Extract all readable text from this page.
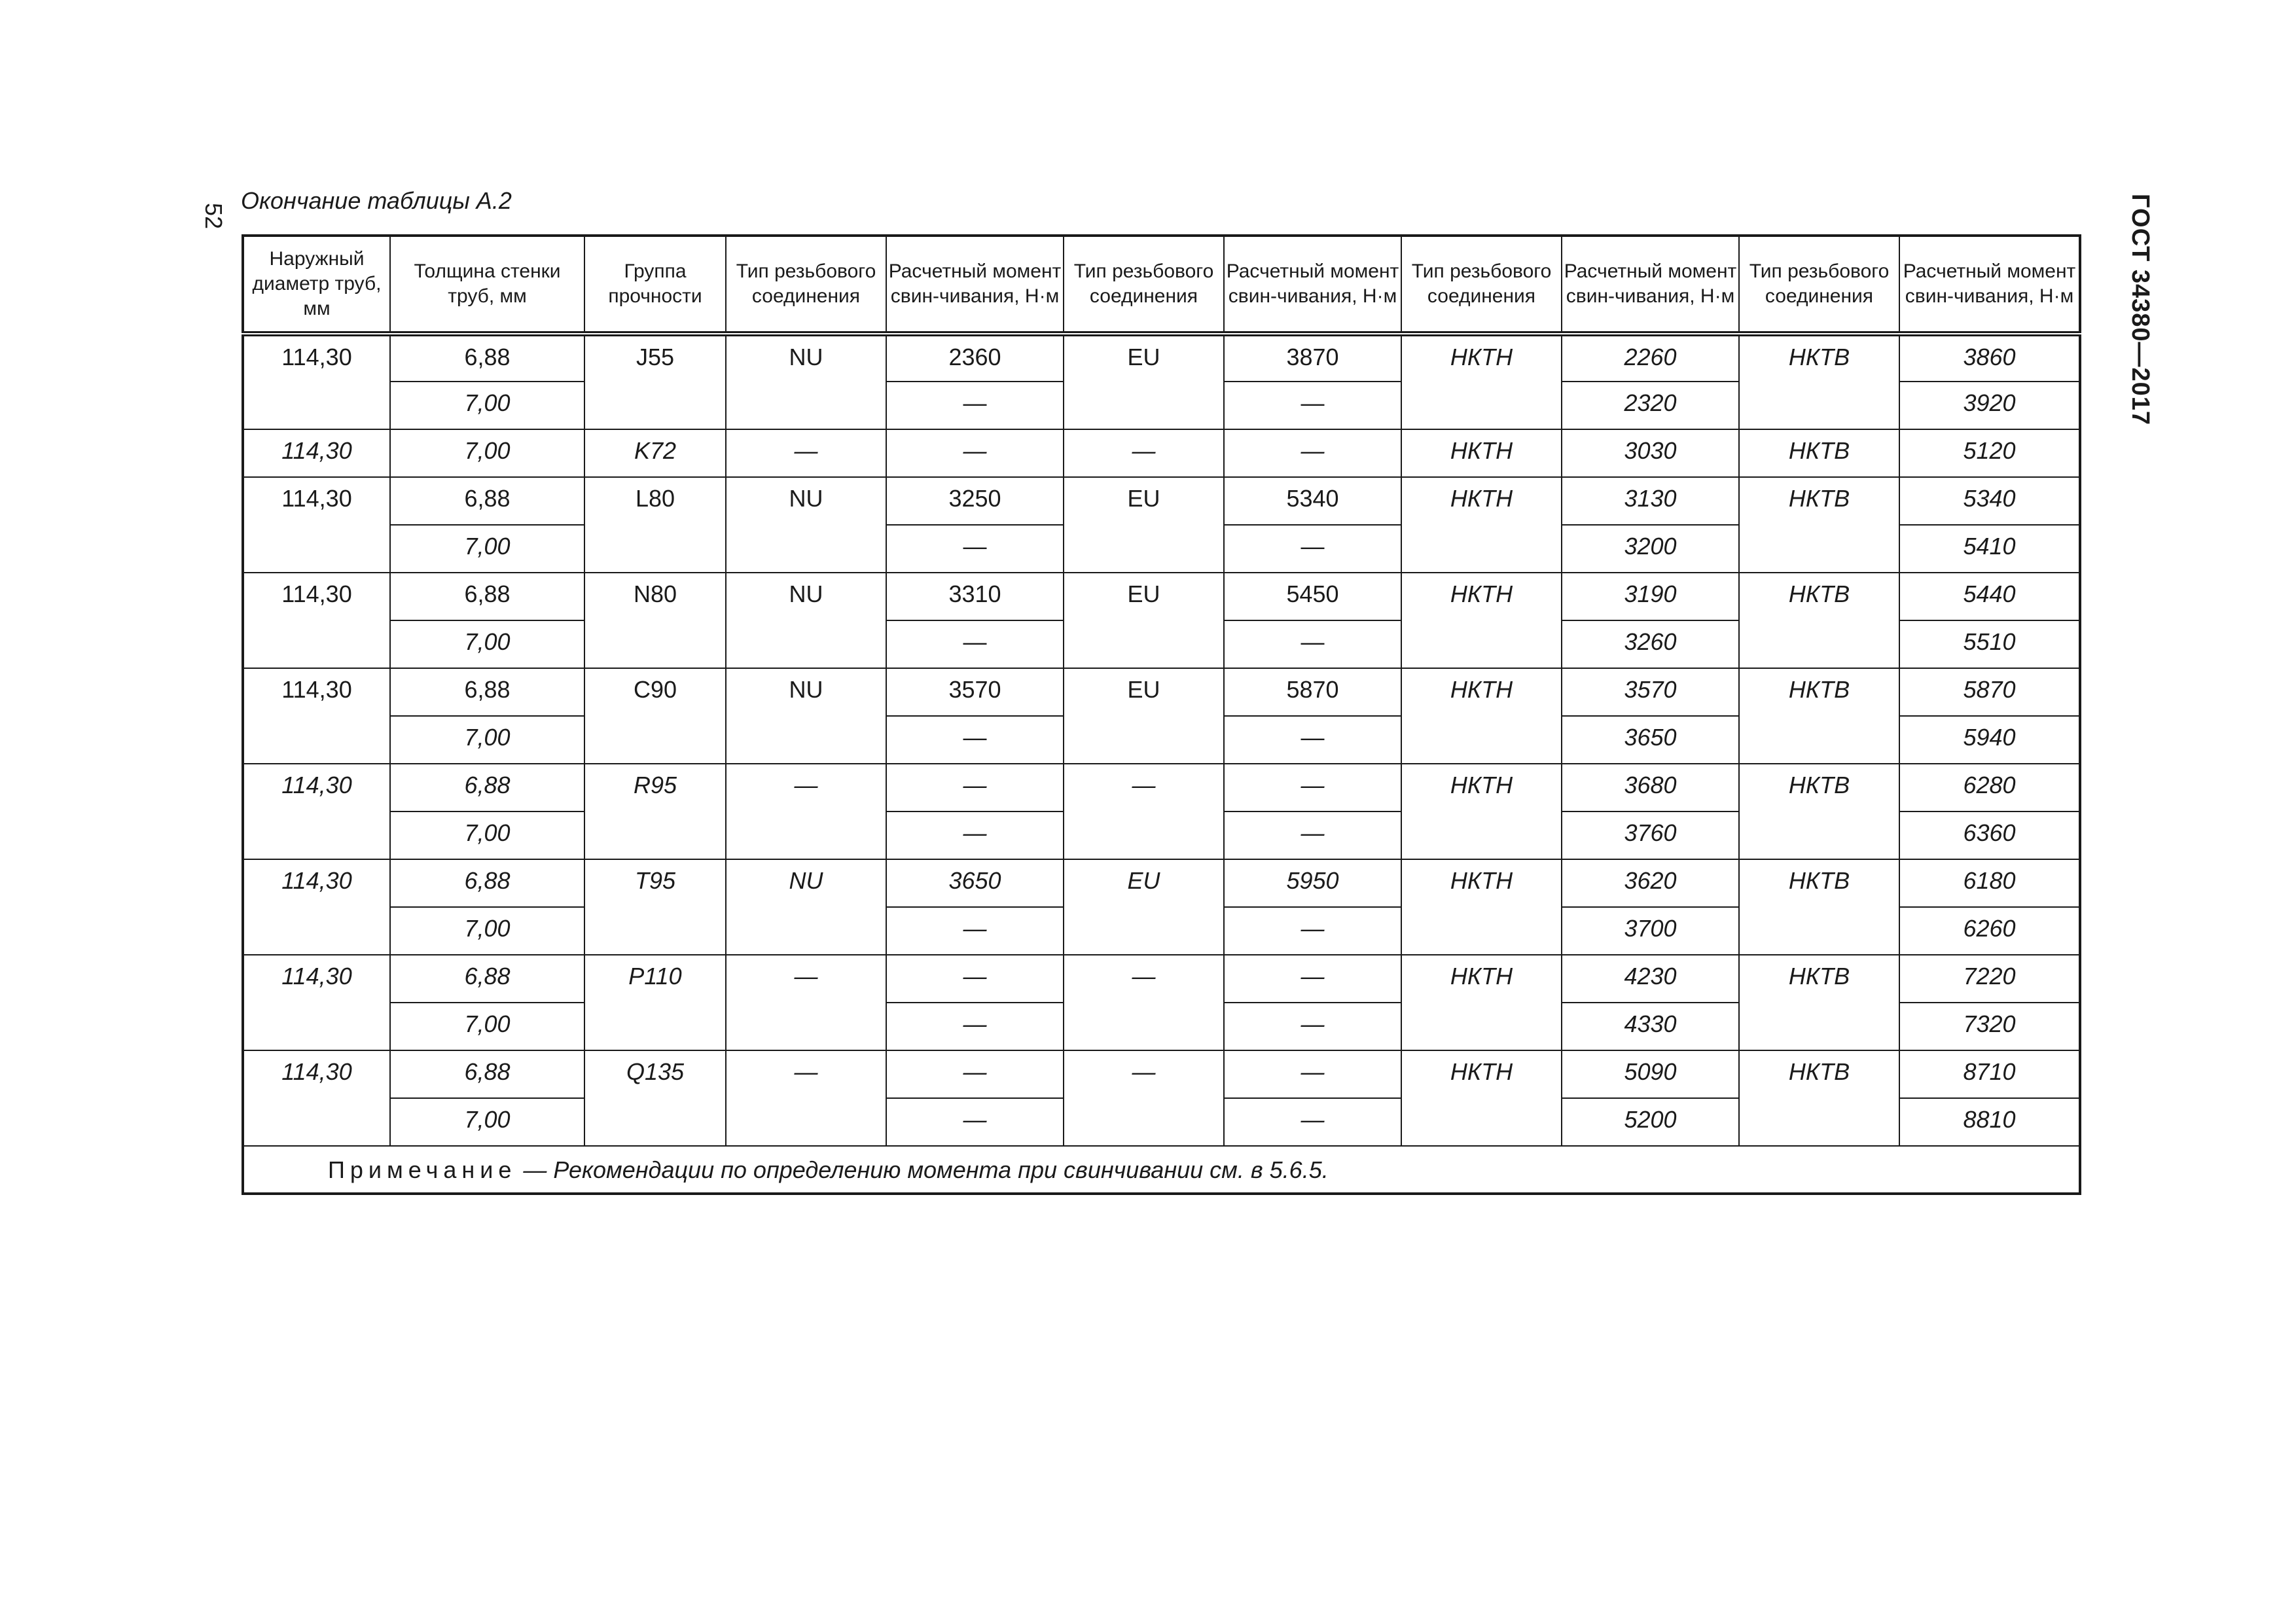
52	ГОСТ 34380—2017
Окончание таблицы А.2
Наружный диаметр труб, мм	Толщина стенки труб, мм	Группа прочности	Тип резьбового соединения	Расчетный момент свин-чивания, Н·м	Тип резьбового соединения	Расчетный момент свин-чивания, Н·м	Тип резьбового соединения	Расчетный момент свин-чивания, Н·м	Тип резьбового соединения	Расчетный момент свин-чивания, Н·м
114,30	6,88	J55	NU	2360	EU	3870	НКТН	2260	НКТВ	3860
	7,00			—		—		2320		3920
114,30	7,00	K72	—	—	—	—	НКТН	3030	НКТВ	5120
114,30	6,88	L80	NU	3250	EU	5340	НКТН	3130	НКТВ	5340
	7,00			—		—		3200		5410
114,30	6,88	N80	NU	3310	EU	5450	НКТН	3190	НКТВ	5440
	7,00			—		—		3260		5510
114,30	6,88	C90	NU	3570	EU	5870	НКТН	3570	НКТВ	5870
	7,00			—		—		3650		5940
114,30	6,88	R95	—	—	—	—	НКТН	3680	НКТВ	6280
	7,00			—		—		3760		6360
114,30	6,88	T95	NU	3650	EU	5950	НКТН	3620	НКТВ	6180
	7,00			—		—		3700		6260
114,30	6,88	P110	—	—	—	—	НКТН	4230	НКТВ	7220
	7,00			—		—		4330		7320
114,30	6,88	Q135	—	—	—	—	НКТН	5090	НКТВ	8710
	7,00			—		—		5200		8810
Примечание — Рекомендации по определению момента при свинчивании см. в 5.6.5.										
